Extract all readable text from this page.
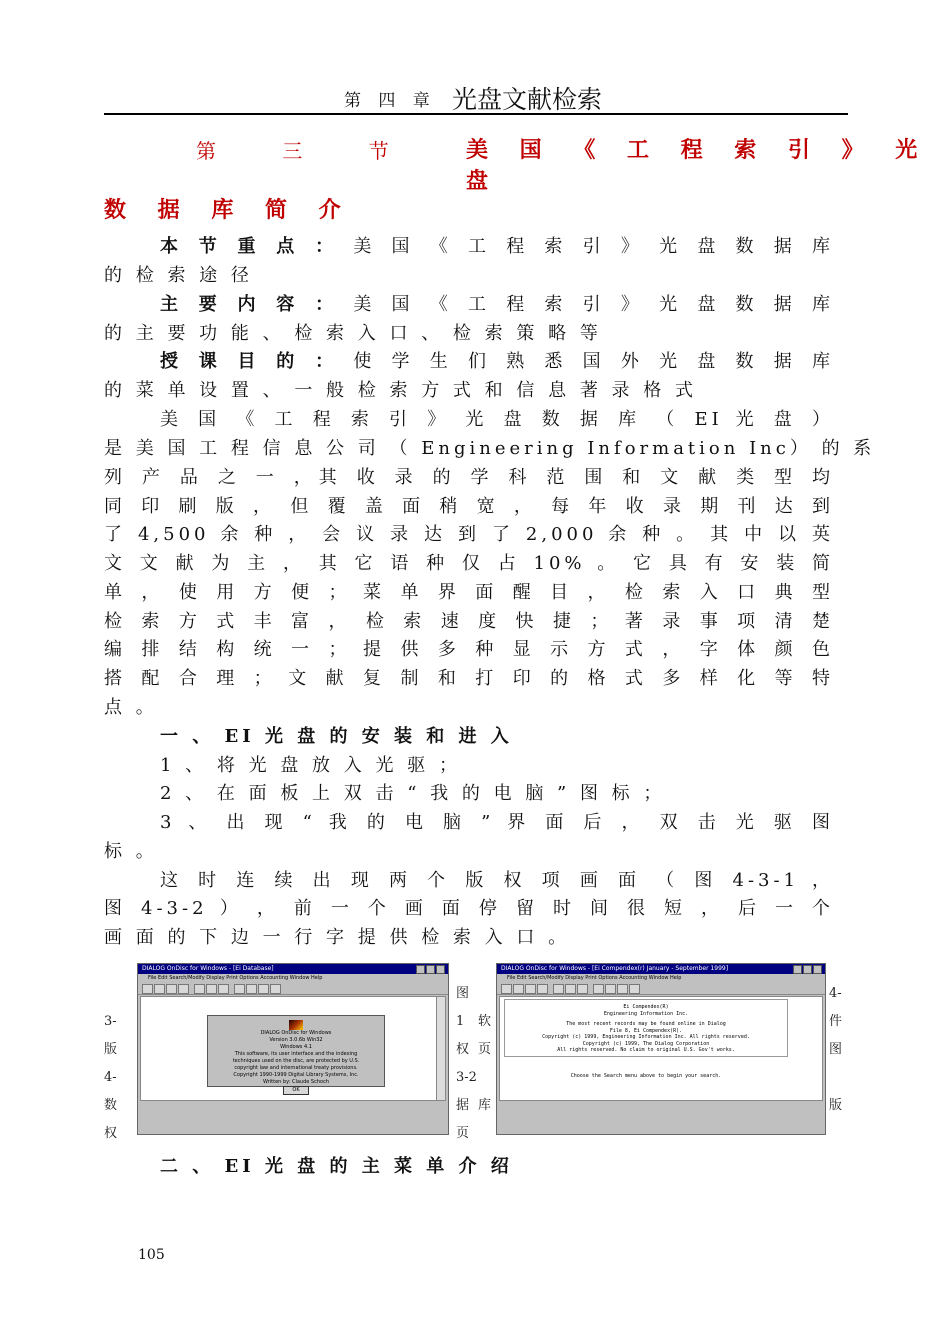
第 四 章 光盘文献检索
第 三 节 美 国 《 工 程 索 引 》 光 盘
数 据 库 简 介
本 节 重 点 ： 美 国 《 工 程 索 引 》 光 盘 数 据 库
的 检 索 途 径
主 要 内 容 ： 美 国 《 工 程 索 引 》 光 盘 数 据 库
的 主 要 功 能 、 检 索 入 口 、 检 索 策 略 等
授 课 目 的 ： 使 学 生 们 熟 悉 国 外 光 盘 数 据 库
的 菜 单 设 置 、 一 般 检 索 方 式 和 信 息 著 录 格 式
美 国 《 工 程 索 引 》 光 盘 数 据 库 （ EI 光 盘 ）
是 美 国 工 程 信 息 公 司 （ Engineering Information Inc） 的 系
列 产 品 之 一 ，其 收 录 的 学 科 范 围 和 文 献 类 型 均
同 印 刷 版 ， 但 覆 盖 面 稍 宽 ， 每 年 收 录 期 刊 达 到
了 4,500 余 种 ， 会 议 录 达 到 了 2,000 余 种 。 其 中 以 英
文 文 献 为 主 ， 其 它 语 种 仅 占 10% 。 它 具 有 安 装 简
单 ， 使 用 方 便 ； 菜 单 界 面 醒 目 ， 检 索 入 口 典 型
检 索 方 式 丰 富 ， 检 索 速 度 快 捷 ； 著 录 事 项 清 楚
编 排 结 构 统 一 ； 提 供 多 种 显 示 方 式 ， 字 体 颜 色
搭 配 合 理 ； 文 献 复 制 和 打 印 的 格 式 多 样 化 等 特
点 。
一 、 EI 光 盘 的 安 装 和 进 入
1 、 将 光 盘 放 入 光 驱 ；
2 、 在 面 板 上 双 击 “ 我 的 电 脑 ” 图 标 ；
3 、 出 现 “ 我 的 电 脑 ” 界 面 后 ， 双 击 光 驱 图
标 。
这 时 连 续 出 现 两 个 版 权 项 画 面 （ 图 4-3-1 ，
图 4-3-2 ） ， 前 一 个 画 面 停 留 时 间 很 短 ， 后 一 个
画 面 的 下 边 一 行 字 提 供 检 索 入 口 。
3-
版
4-
数
权
图
1
权
3-2
据
页
软
页
库
4-
件
图
版
DIALOG OnDisc for Windows - [Ei Database]
File Edit Search/Modify Display Print Options Accounting Window Help
DIALOG OnDisc for Windows
Version 3.0.6b Win32
Windows 4.1
This software, its user interface and the indexing
techniques used on the disc, are protected by U.S.
copyright law and international treaty provisions.
Copyright 1990-1999 Digital Library Systems, Inc.
Written by: Claude Schoch
OK
DIALOG OnDisc for Windows - [Ei Compendex(r) January - September 1999]
File Edit Search/Modify Display Print Options Accounting Window Help
Ei Compendex(R)
Engineering Information Inc.
The most recent records may be found online in Dialog
File 8, Ei Compendex(R).
Copyright (c) 1999, Engineering Information Inc. All rights reserved.
Copyright (c) 1999, The Dialog Corporation
All rights reserved. No claim to original U.S. Gov't works.
Choose the Search menu above to begin your search.
二 、 EI 光 盘 的 主 菜 单 介 绍
105
